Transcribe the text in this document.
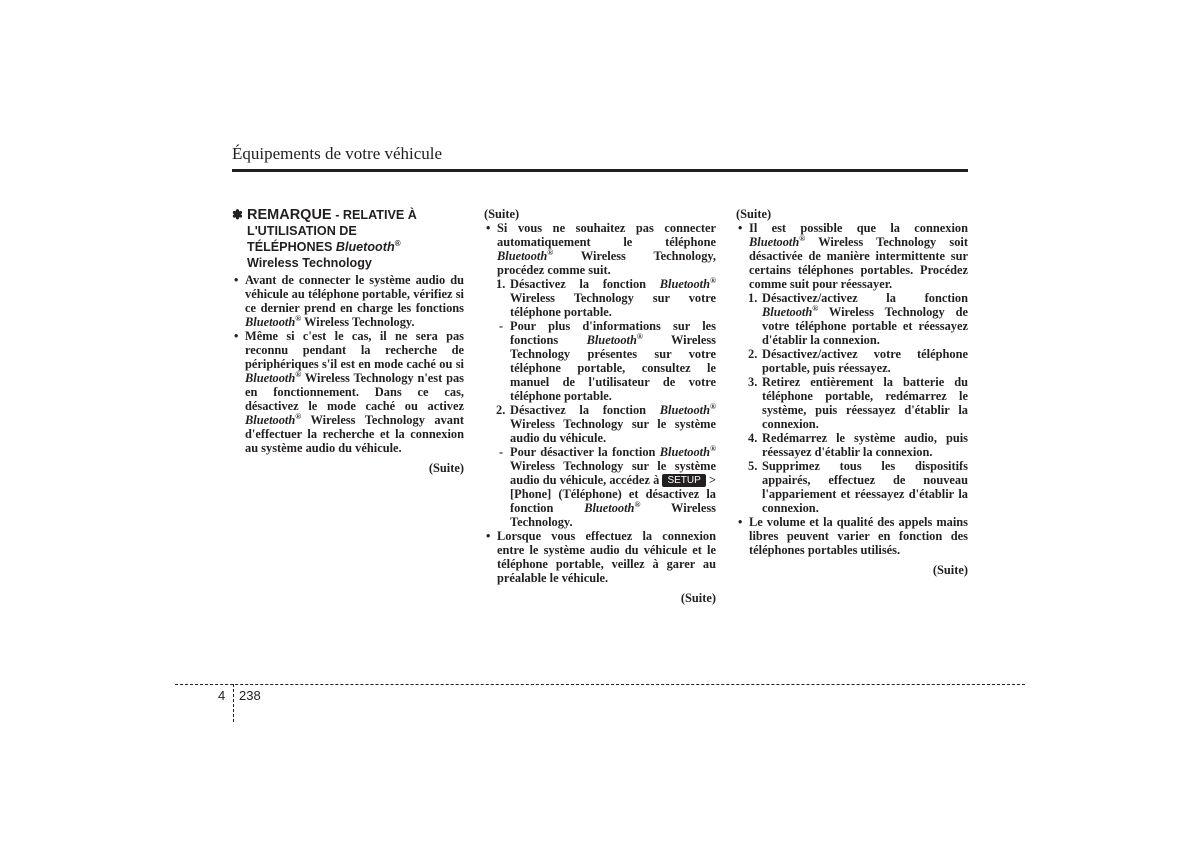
Équipements de votre véhicule
✽ REMARQUE - RELATIVE À
L'UTILISATION DE
TÉLÉPHONES Bluetooth®
Wireless Technology
• Avant de connecter le système audio du véhicule au téléphone portable, vérifiez si ce dernier prend en charge les fonctions Bluetooth® Wireless Technology.
• Même si c'est le cas, il ne sera pas reconnu pendant la recherche de périphériques s'il est en mode caché ou si Bluetooth® Wireless Technology n'est pas en fonctionnement. Dans ce cas, désactivez le mode caché ou activez Bluetooth® Wireless Technology avant d'effectuer la recherche et la connexion au système audio du véhicule.

(Suite)

(Suite)

• Si vous ne souhaitez pas connecter automatiquement le téléphone Bluetooth® Wireless Technology, procédez comme suit.
1. Désactivez la fonction Bluetooth® Wireless Technology sur votre téléphone portable.

- Pour plus d'informations sur les fonctions Bluetooth® Wireless Technology présentes sur votre téléphone portable, consultez le manuel de l'utilisateur de votre téléphone portable.

2. Désactivez la fonction Bluetooth® Wireless Technology sur le système audio du véhicule.

- Pour désactiver la fonction Bluetooth® Wireless Technology sur le système audio du véhicule, accédez à SETUP > [Phone] (Téléphone) et désactivez la fonction Bluetooth® Wireless Technology.

• Lorsque vous effectuez la connexion entre le système audio du véhicule et le téléphone portable, veillez à garer au préalable le véhicule.

(Suite)

(Suite)

• Il est possible que la connexion Bluetooth® Wireless Technology soit désactivée de manière intermittente sur certains téléphones portables. Procédez comme suit pour réessayer.
1. Désactivez/activez la fonction Bluetooth® Wireless Technology de votre téléphone portable et réessayez d'établir la connexion.
2. Désactivez/activez votre téléphone portable, puis réessayez.
3. Retirez entièrement la batterie du téléphone portable, redémarrez le système, puis réessayez d'établir la connexion.
4. Redémarrez le système audio, puis réessayez d'établir la connexion.
5. Supprimez tous les dispositifs appairés, effectuez de nouveau l'appariement et réessayez d'établir la connexion.
• Le volume et la qualité des appels mains libres peuvent varier en fonction des téléphones portables utilisés.

(Suite)

4 238
